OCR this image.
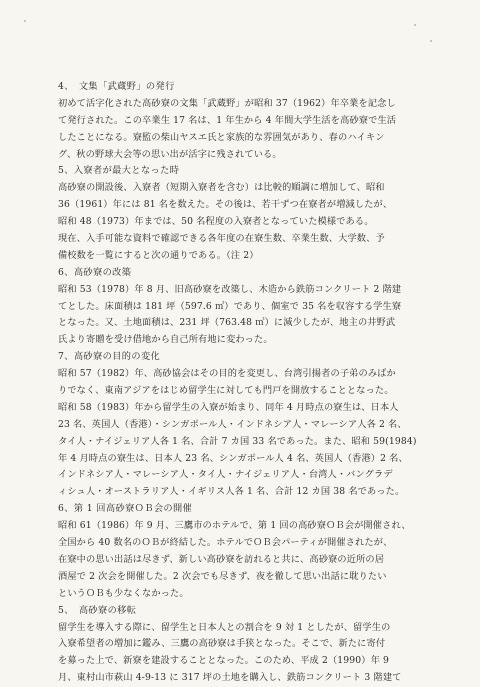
4、　文集「武蔵野」の発行
初めて活字化された高砂寮の文集「武蔵野」が昭和 37（1962）年卒業を記念し
て発行された。この卒業生 17 名は、1 年生から 4 年間大学生活を高砂寮で生活
したことになる。寮監の柴山ヤスエ氏と家族的な雰囲気があり、春のハイキン
グ、秋の野球大会等の思い出が活字に残されている。
5、入寮者が最大となった時
高砂寮の開設後、入寮者（短期入寮者を含む）は比較的順調に増加して、昭和
36（1961）年には 81 名を数えた。その後は、若干ずつ在寮者が増減したが、
昭和 48（1973）年までは、50 名程度の入寮者となっていた模様である。
現在、入手可能な資料で確認できる各年度の在寮生数、卒業生数、大学数、予
備校数を一覧にすると次の通りである。（注 2）
6、高砂寮の改築
昭和 53（1978）年 8 月、旧高砂寮を改築し、木造から鉄筋コンクリート 2 階建
てとした。床面積は 181 坪（597.6 ㎡）であり、個室で 35 名を収容する学生寮
となった。又、土地面積は、231 坪（763.48 ㎡）に減少したが、地主の井野武
氏より寄贈を受け借地から自己所有地に変わった。
7、高砂寮の目的の変化
昭和 57（1982）年、高砂協会はその目的を変更し、台湾引揚者の子弟のみばか
りでなく、東南アジアをはじめ留学生に対しても門戸を開放することとなった。
昭和 58（1983）年から留学生の入寮が始まり、同年 4 月時点の寮生は、日本人
23 名、英国人（香港）・シンガポール人・インドネシア人・マレーシア人各 2 名、
タイ人・ナイジェリア人各 1 名、合計 7 カ国 33 名であった。また、昭和 59(1984)
年 4 月時点の寮生は、日本人 23 名、シンガポール人 4 名、英国人（香港）2 名、
インドネシア人・マレーシア人・タイ人・ナイジェリア人・台湾人・バングラデ
ィシュ人・オーストラリア人・イギリス人各 1 名、合計 12 カ国 38 名であった。
6、第 1 回高砂寮ＯＢ会の開催
昭和 61（1986）年 9 月、三鷹市のホテルで、第 1 回の高砂寮ＯＢ会が開催され、
全国から 40 数名のＯＢが終結した。ホテルでＯＢ会パーティが開催されたが、
在寮中の思い出話は尽きず、新しい高砂寮を訪れると共に、高砂寮の近所の居
酒屋で 2 次会を開催した。2 次会でも尽きず、夜を徹して思い出話に耽りたい
というＯＢも少なくなかった。
5、　高砂寮の移転
留学生を導入する際に、留学生と日本人との割合を 9 対 1 としたが、留学生の
入寮希望者の増加に鑑み、三鷹の高砂寮は手狭となった。そこで、新たに寄付
を募った上で、新寮を建設することとなった。このため、平成 2（1990）年 9
月、東村山市萩山 4-9-13 に 317 坪の土地を購入し、鉄筋コンクリート 3 階建て
